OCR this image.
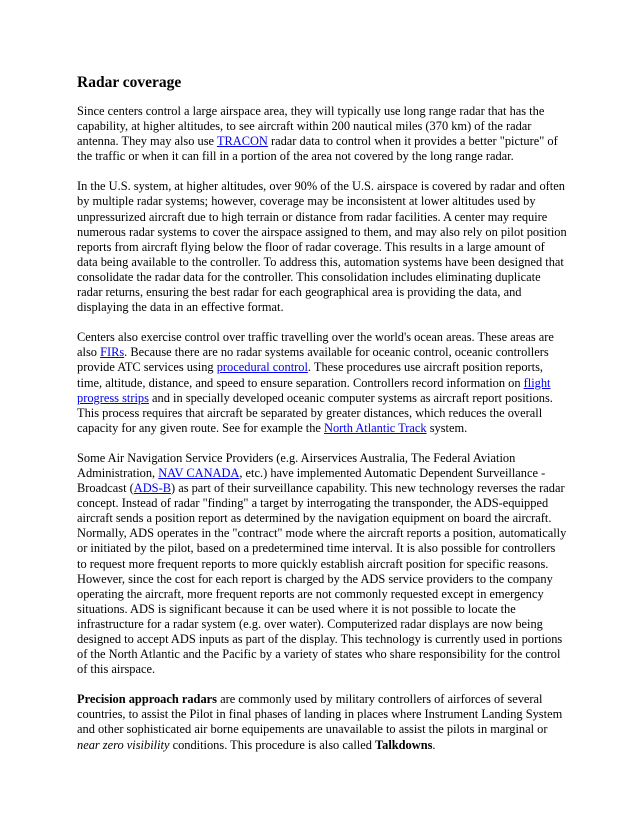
Radar coverage

Since centers control a large airspace area, they will typically use long range radar that has the capability, at higher altitudes, to see aircraft within 200 nautical miles (370 km) of the radar antenna. They may also use TRACON radar data to control when it provides a better "picture" of the traffic or when it can fill in a portion of the area not covered by the long range radar.

In the U.S. system, at higher altitudes, over 90% of the U.S. airspace is covered by radar and often by multiple radar systems; however, coverage may be inconsistent at lower altitudes used by unpressurized aircraft due to high terrain or distance from radar facilities. A center may require numerous radar systems to cover the airspace assigned to them, and may also rely on pilot position reports from aircraft flying below the floor of radar coverage. This results in a large amount of data being available to the controller. To address this, automation systems have been designed that consolidate the radar data for the controller. This consolidation includes eliminating duplicate radar returns, ensuring the best radar for each geographical area is providing the data, and displaying the data in an effective format.

Centers also exercise control over traffic travelling over the world's ocean areas. These areas are also FIRs. Because there are no radar systems available for oceanic control, oceanic controllers provide ATC services using procedural control. These procedures use aircraft position reports, time, altitude, distance, and speed to ensure separation. Controllers record information on flight progress strips and in specially developed oceanic computer systems as aircraft report positions. This process requires that aircraft be separated by greater distances, which reduces the overall capacity for any given route. See for example the North Atlantic Track system.

Some Air Navigation Service Providers (e.g. Airservices Australia, The Federal Aviation Administration, NAV CANADA, etc.) have implemented Automatic Dependent Surveillance - Broadcast (ADS-B) as part of their surveillance capability. This new technology reverses the radar concept. Instead of radar "finding" a target by interrogating the transponder, the ADS-equipped aircraft sends a position report as determined by the navigation equipment on board the aircraft. Normally, ADS operates in the "contract" mode where the aircraft reports a position, automatically or initiated by the pilot, based on a predetermined time interval. It is also possible for controllers to request more frequent reports to more quickly establish aircraft position for specific reasons. However, since the cost for each report is charged by the ADS service providers to the company operating the aircraft, more frequent reports are not commonly requested except in emergency situations. ADS is significant because it can be used where it is not possible to locate the infrastructure for a radar system (e.g. over water). Computerized radar displays are now being designed to accept ADS inputs as part of the display. This technology is currently used in portions of the North Atlantic and the Pacific by a variety of states who share responsibility for the control of this airspace.

Precision approach radars are commonly used by military controllers of airforces of several countries, to assist the Pilot in final phases of landing in places where Instrument Landing System and other sophisticated air borne equipements are unavailable to assist the pilots in marginal or near zero visibility conditions. This procedure is also called Talkdowns.
